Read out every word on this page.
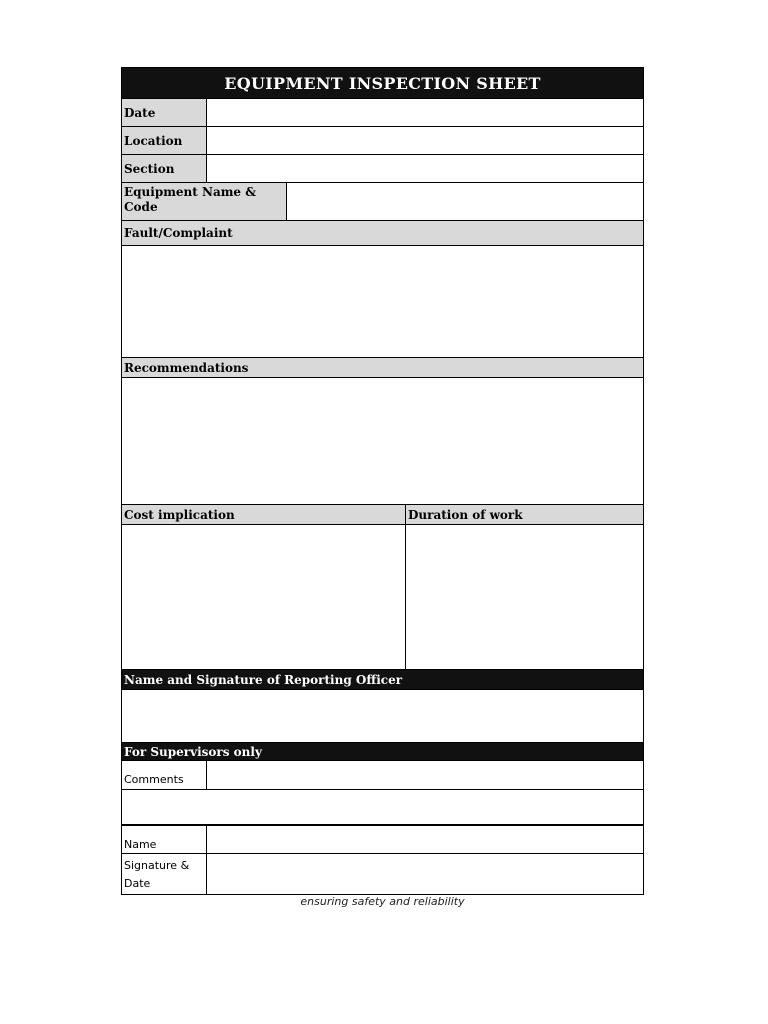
EQUIPMENT INSPECTION SHEET
Date
Location
Section
Equipment Name & Code
Fault/Complaint
Recommendations
Cost implication	Duration of work
Name and Signature of Reporting Officer
For Supervisors only
Comments
Name
Signature & Date
ensuring safety and reliability
